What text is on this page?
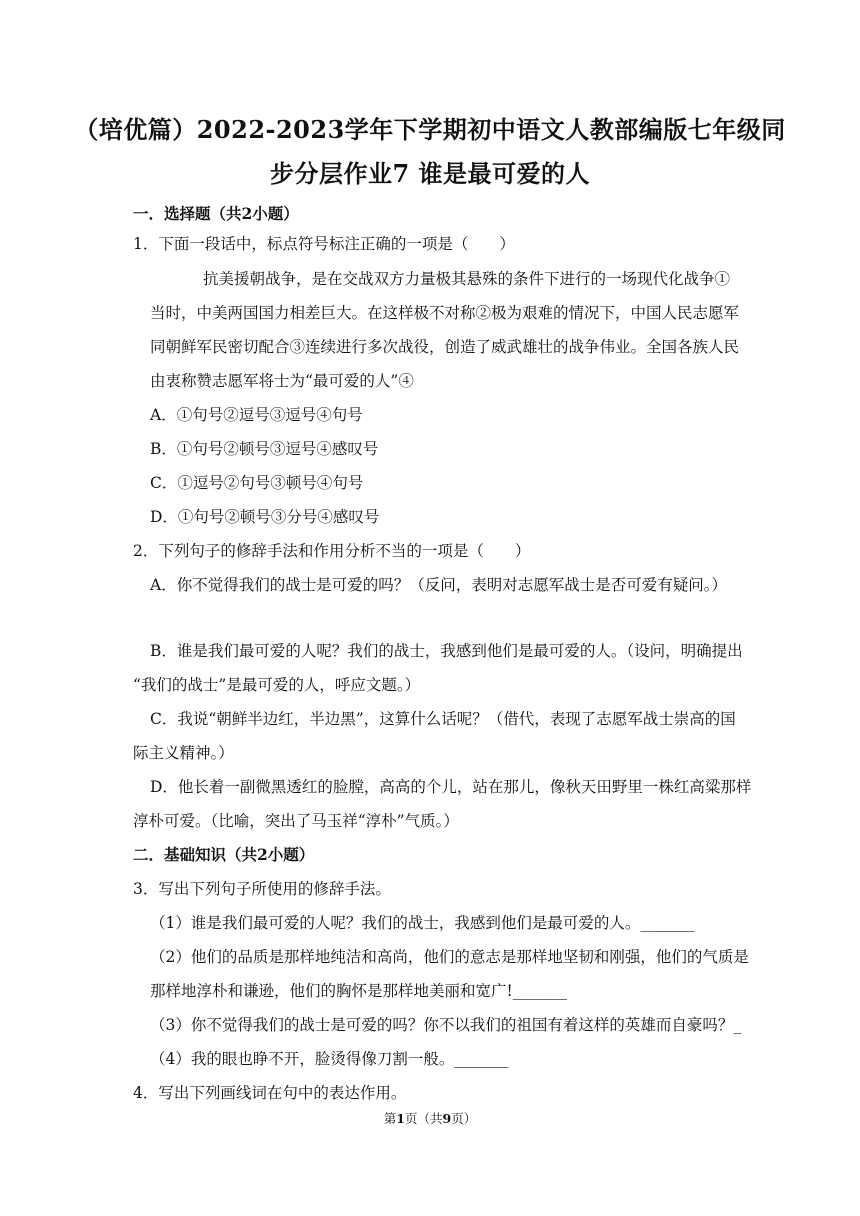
（培优篇）2022-2023学年下学期初中语文人教部编版七年级同
步分层作业7 谁是最可爱的人
一．选择题（共2小题）
1．下面一段话中，标点符号标注正确的一项是（　　）
抗美援朝战争，是在交战双方力量极其悬殊的条件下进行的一场现代化战争①
当时，中美两国国力相差巨大。在这样极不对称②极为艰难的情况下，中国人民志愿军
同朝鲜军民密切配合③连续进行多次战役，创造了威武雄壮的战争伟业。全国各族人民
由衷称赞志愿军将士为“最可爱的人”④
A．①句号②逗号③逗号④句号
B．①句号②顿号③逗号④感叹号
C．①逗号②句号③顿号④句号
D．①句号②顿号③分号④感叹号
2．下列句子的修辞手法和作用分析不当的一项是（　　）
A．你不觉得我们的战士是可爱的吗？（反问，表明对志愿军战士是否可爱有疑问。）
B．谁是我们最可爱的人呢？我们的战士，我感到他们是最可爱的人。（设问，明确提出
“我们的战士”是最可爱的人，呼应文题。）
C．我说“朝鲜半边红，半边黑”，这算什么话呢？（借代，表现了志愿军战士崇高的国
际主义精神。）
D．他长着一副微黑透红的脸膛，高高的个儿，站在那儿，像秋天田野里一株红高粱那样
淳朴可爱。（比喻，突出了马玉祥“淳朴”气质。）
二．基础知识（共2小题）
3．写出下列句子所使用的修辞手法。
（1）谁是我们最可爱的人呢？我们的战士，我感到他们是最可爱的人。_______
（2）他们的品质是那样地纯洁和高尚，他们的意志是那样地坚韧和刚强，他们的气质是
那样地淳朴和谦逊，他们的胸怀是那样地美丽和宽广!_______
（3）你不觉得我们的战士是可爱的吗？你不以我们的祖国有着这样的英雄而自豪吗？_
（4）我的眼也睁不开，脸烫得像刀割一般。_______
4．写出下列画线词在句中的表达作用。
第1页（共9页）
